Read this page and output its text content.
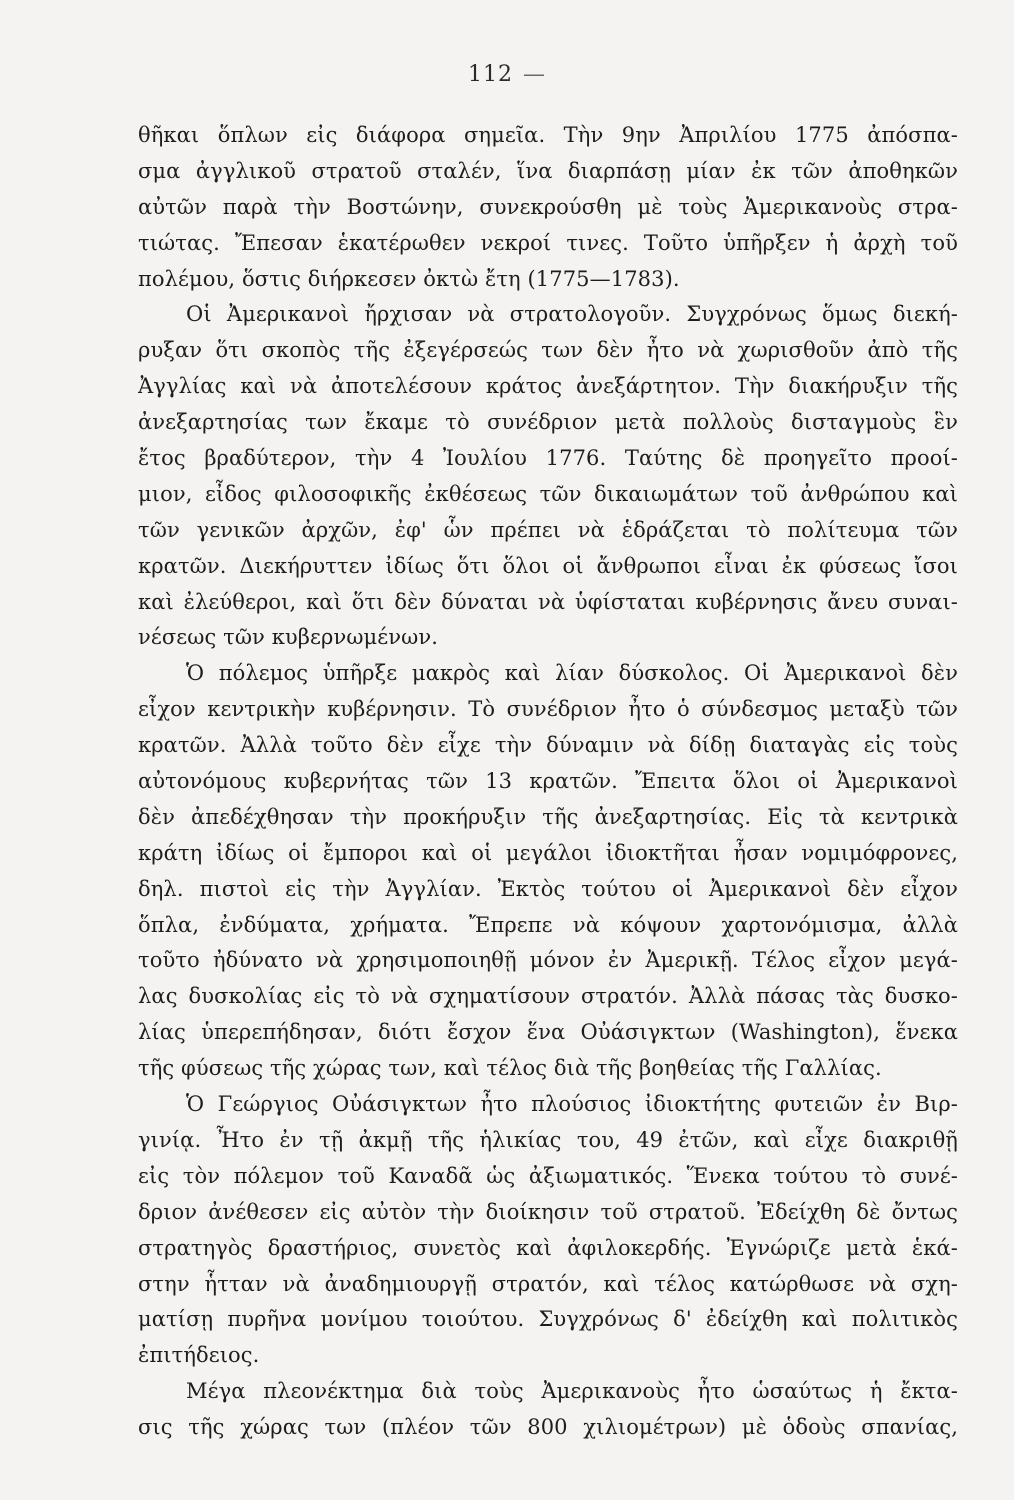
112 —
θῆκαι ὅπλων εἰς διάφορα σημεῖα. Τὴν 9ην Ἀπριλίου 1775 ἀπόσπα-
σμα ἀγγλικοῦ στρατοῦ σταλέν, ἵνα διαρπάσῃ μίαν ἐκ τῶν ἀποθηκῶν
αὐτῶν παρὰ τὴν Βοστώνην, συνεκρούσθη μὲ τοὺς Ἀμερικανοὺς στρα-
τιώτας. Ἔπεσαν ἑκατέρωθεν νεκροί τινες. Τοῦτο ὑπῆρξεν ἡ ἀρχὴ τοῦ
πολέμου, ὅστις διήρκεσεν ὀκτὼ ἔτη (1775—1783).
Οἱ Ἀμερικανοὶ ἤρχισαν νὰ στρατολογοῦν. Συγχρόνως ὅμως διεκή-
ρυξαν ὅτι σκοπὸς τῆς ἐξεγέρσεώς των δὲν ἦτο νὰ χωρισθοῦν ἀπὸ τῆς
Ἀγγλίας καὶ νὰ ἀποτελέσουν κράτος ἀνεξάρτητον. Τὴν διακήρυξιν τῆς
ἀνεξαρτησίας των ἔκαμε τὸ συνέδριον μετὰ πολλοὺς δισταγμοὺς ἓν
ἔτος βραδύτερον, τὴν 4 Ἰουλίου 1776. Ταύτης δὲ προηγεῖτο προοί-
μιον, εἶδος φιλοσοφικῆς ἐκθέσεως τῶν δικαιωμάτων τοῦ ἀνθρώπου καὶ
τῶν γενικῶν ἀρχῶν, ἐφ' ὧν πρέπει νὰ ἑδράζεται τὸ πολίτευμα τῶν
κρατῶν. Διεκήρυττεν ἰδίως ὅτι ὅλοι οἱ ἄνθρωποι εἶναι ἐκ φύσεως ἴσοι
καὶ ἐλεύθεροι, καὶ ὅτι δὲν δύναται νὰ ὑφίσταται κυβέρνησις ἄνευ συναι-
νέσεως τῶν κυβερνωμένων.
Ὁ πόλεμος ὑπῆρξε μακρὸς καὶ λίαν δύσκολος. Οἱ Ἀμερικανοὶ δὲν
εἶχον κεντρικὴν κυβέρνησιν. Τὸ συνέδριον ἦτο ὁ σύνδεσμος μεταξὺ τῶν
κρατῶν. Ἀλλὰ τοῦτο δὲν εἶχε τὴν δύναμιν νὰ δίδῃ διαταγὰς εἰς τοὺς
αὐτονόμους κυβερνήτας τῶν 13 κρατῶν. Ἔπειτα ὅλοι οἱ Ἀμερικανοὶ
δὲν ἀπεδέχθησαν τὴν προκήρυξιν τῆς ἀνεξαρτησίας. Εἰς τὰ κεντρικὰ
κράτη ἰδίως οἱ ἔμποροι καὶ οἱ μεγάλοι ἰδιοκτῆται ἦσαν νομιμόφρονες,
δηλ. πιστοὶ εἰς τὴν Ἀγγλίαν. Ἐκτὸς τούτου οἱ Ἀμερικανοὶ δὲν εἶχον
ὅπλα, ἐνδύματα, χρήματα. Ἔπρεπε νὰ κόψουν χαρτονόμισμα, ἀλλὰ
τοῦτο ἠδύνατο νὰ χρησιμοποιηθῇ μόνον ἐν Ἀμερικῇ. Τέλος εἶχον μεγά-
λας δυσκολίας εἰς τὸ νὰ σχηματίσουν στρατόν. Ἀλλὰ πάσας τὰς δυσκο-
λίας ὑπερεπήδησαν, διότι ἔσχον ἕνα Οὐάσιγκτων (Washington), ἕνεκα
τῆς φύσεως τῆς χώρας των, καὶ τέλος διὰ τῆς βοηθείας τῆς Γαλλίας.
Ὁ Γεώργιος Οὐάσιγκτων ἦτο πλούσιος ἰδιοκτήτης φυτειῶν ἐν Βιρ-
γινίᾳ. Ἦτο ἐν τῇ ἀκμῇ τῆς ἡλικίας του, 49 ἐτῶν, καὶ εἶχε διακριθῇ
εἰς τὸν πόλεμον τοῦ Καναδᾶ ὡς ἀξιωματικός. Ἕνεκα τούτου τὸ συνέ-
δριον ἀνέθεσεν εἰς αὐτὸν τὴν διοίκησιν τοῦ στρατοῦ. Ἐδείχθη δὲ ὄντως
στρατηγὸς δραστήριος, συνετὸς καὶ ἀφιλοκερδής. Ἐγνώριζε μετὰ ἑκά-
στην ἧτταν νὰ ἀναδημιουργῇ στρατόν, καὶ τέλος κατώρθωσε νὰ σχη-
ματίσῃ πυρῆνα μονίμου τοιούτου. Συγχρόνως δ' ἐδείχθη καὶ πολιτικὸς
ἐπιτήδειος.
Μέγα πλεονέκτημα διὰ τοὺς Ἀμερικανοὺς ἦτο ὡσαύτως ἡ ἔκτα-
σις τῆς χώρας των (πλέον τῶν 800 χιλιομέτρων) μὲ ὁδοὺς σπανίας,
